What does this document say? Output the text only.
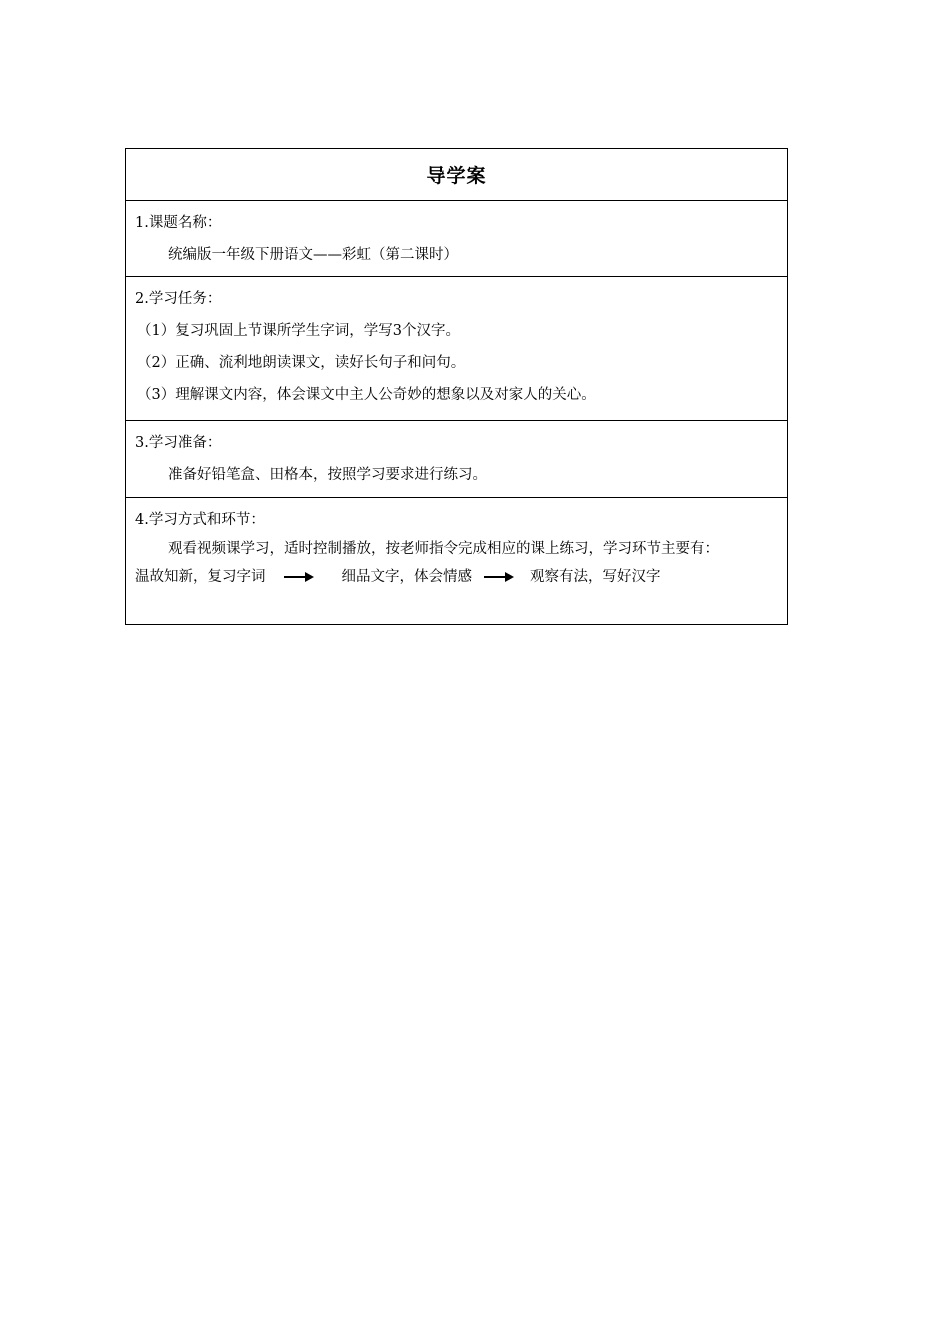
导学案
1.课题名称：
统编版一年级下册语文——彩虹（第二课时）
2.学习任务：
（1）复习巩固上节课所学生字词，学写3个汉字。
（2）正确、流利地朗读课文，读好长句子和问句。
（3）理解课文内容，体会课文中主人公奇妙的想象以及对家人的关心。
3.学习准备：
准备好铅笔盒、田格本，按照学习要求进行练习。
4.学习方式和环节：
观看视频课学习，适时控制播放，按老师指令完成相应的课上练习，学习环节主要有：
温故知新，复习字词	细品文字，体会情感	观察有法，写好汉字
